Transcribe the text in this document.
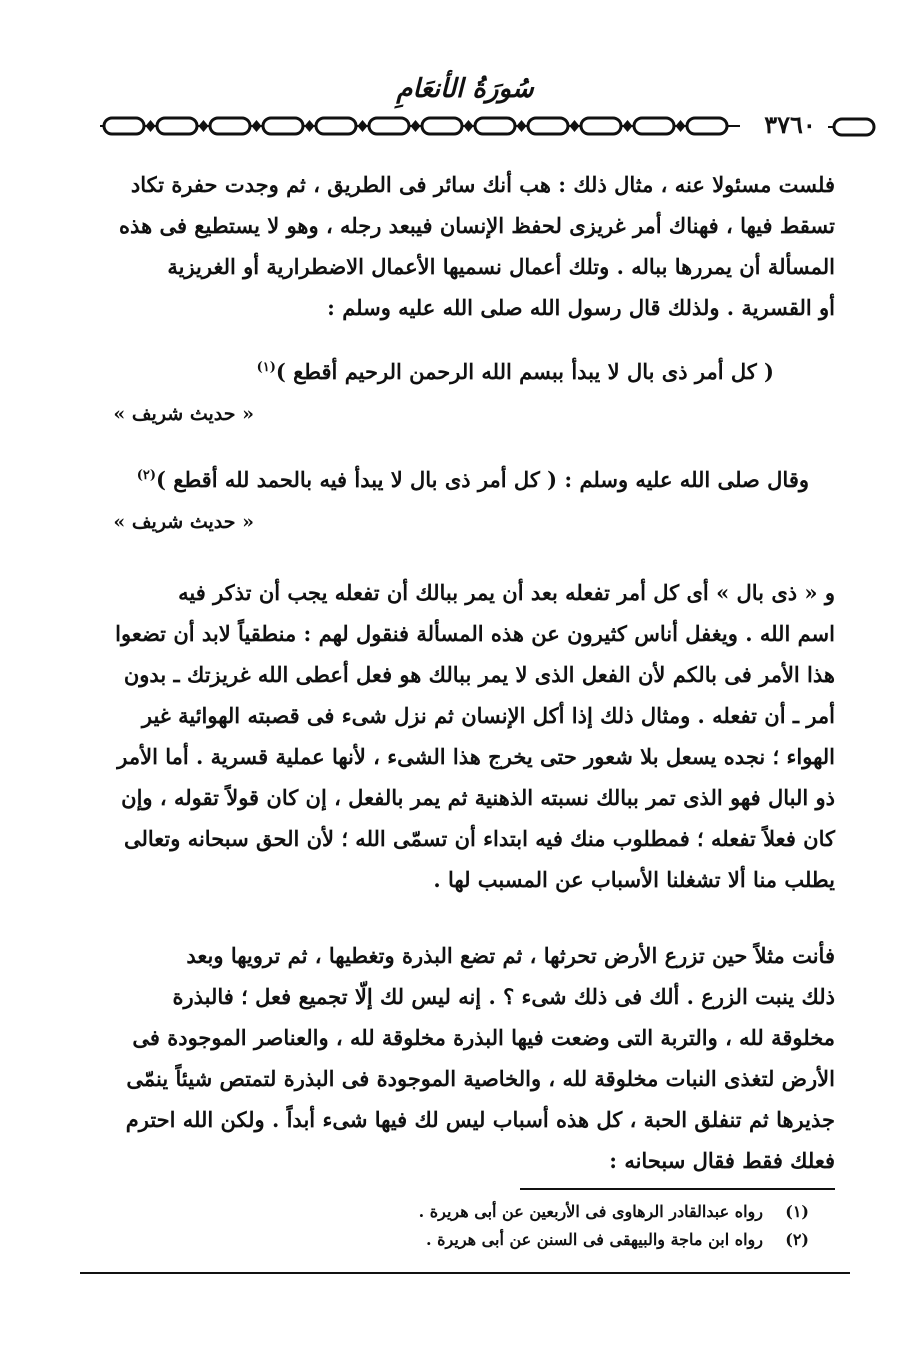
سُورَةُ الأنعَامِ
٣٧٦٠

فلست مسئولا عنه ، مثال ذلك : هب أنك سائر فى الطريق ، ثم وجدت حفرة تكاد

تسقط فيها ، فهناك أمر غريزى لحفظ الإنسان فيبعد رجله ، وهو لا يستطيع فى هذه

المسألة أن يمررها بباله . وتلك أعمال نسميها الأعمال الاضطرارية أو الغريزية

أو القسرية . ولذلك قال رسول الله صلى الله عليه وسلم :

( كل أمر ذى بال لا يبدأ ببسم الله الرحمن الرحيم أقطع )$^{(١)}$
« حديث شريف »
وقال صلى الله عليه وسلم : ( كل أمر ذى بال لا يبدأ فيه بالحمد لله أقطع )$^{(٢)}$
« حديث شريف »

و « ذى بال » أى كل أمر تفعله بعد أن يمر ببالك أن تفعله يجب أن تذكر فيه

اسم الله . ويغفل أناس كثيرون عن هذه المسألة فنقول لهم : منطقياً لابد أن تضعوا

هذا الأمر فى بالكم لأن الفعل الذى لا يمر ببالك هو فعل أعطى الله غريزتك ـ بدون

أمر ـ أن تفعله . ومثال ذلك إذا أكل الإنسان ثم نزل شىء فى قصبته الهوائية غير

الهواء ؛ نجده يسعل بلا شعور حتى يخرج هذا الشىء ، لأنها عملية قسرية . أما الأمر

ذو البال فهو الذى تمر ببالك نسبته الذهنية ثم يمر بالفعل ، إن كان قولاً تقوله ، وإن

كان فعلاً تفعله ؛ فمطلوب منك فيه ابتداء أن تسمّى الله ؛ لأن الحق سبحانه وتعالى

يطلب منا ألا تشغلنا الأسباب عن المسبب لها .

فأنت مثلاً حين تزرع الأرض تحرثها ، ثم تضع البذرة وتغطيها ، ثم ترويها وبعد

ذلك ينبت الزرع . ألك فى ذلك شىء ؟ . إنه ليس لك إلّا تجميع فعل ؛ فالبذرة

مخلوقة لله ، والتربة التى وضعت فيها البذرة مخلوقة لله ، والعناصر الموجودة فى

الأرض لتغذى النبات مخلوقة لله ، والخاصية الموجودة فى البذرة لتمتص شيئاً ينمّى

جذيرها ثم تنفلق الحبة ، كل هذه أسباب ليس لك فيها شىء أبداً . ولكن الله احترم

فعلك فقط فقال سبحانه :

(١)رواه عبدالقادر الرهاوى فى الأربعين عن أبى هريرة .
(٢)رواه ابن ماجة والبيهقى فى السنن عن أبى هريرة .
